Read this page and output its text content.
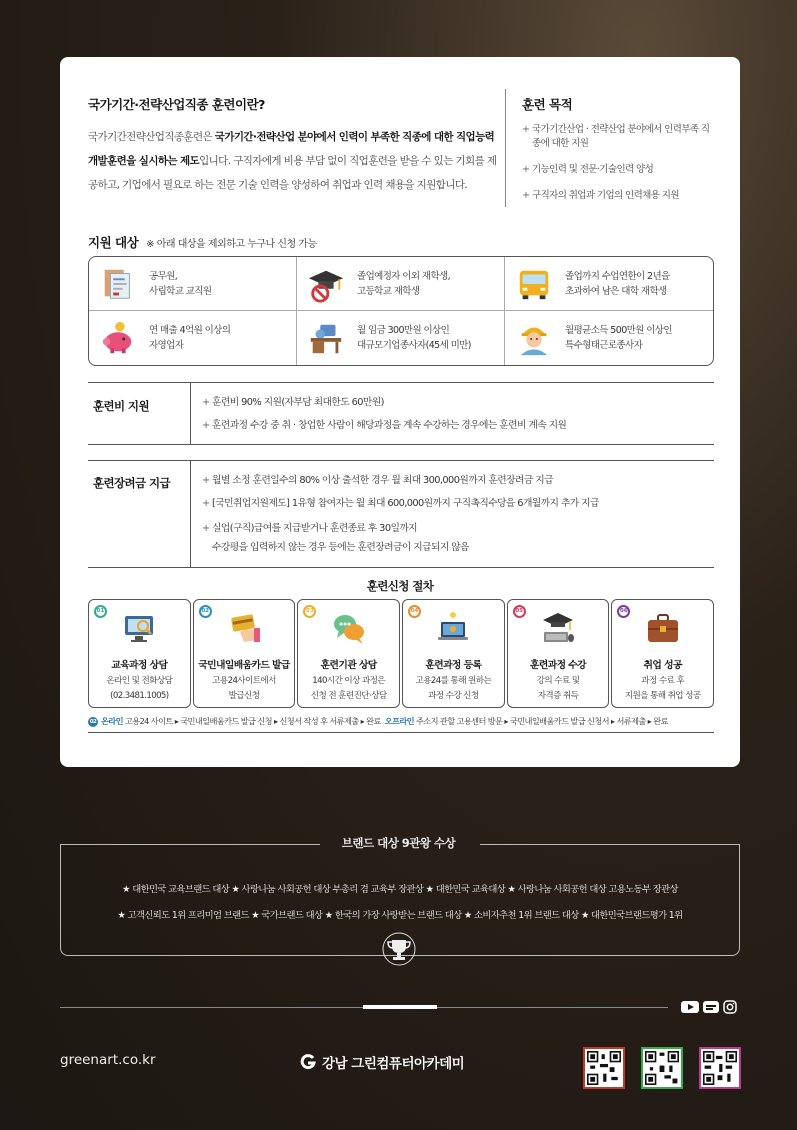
국가기간·전략산업직종 훈련이란?

국가기간전략산업직종훈련은 국가기간·전략산업 분야에서 인력이 부족한 직종에 대한 직업능력개발훈련을 실시하는 제도입니다. 구직자에게 비용 부담 없이 직업훈련을 받을 수 있는 기회를 제공하고, 기업에서 필요로 하는 전문 기술 인력을 양성하여 취업과 인력 채용을 지원합니다.

훈련 목적
+ 국가기간산업 · 전략산업 분야에서 인력부족 직종에 대한 지원
+ 기능인력 및 전문·기술인력 양성
+ 구직자의 취업과 기업의 인력채용 지원
지원 대상 ※ 아래 대상을 제외하고 누구나 신청 가능
공무원,
사립학교 교직원
졸업예정자 이외 재학생,
고등학교 재학생
졸업까지 수업연한이 2년을
초과하여 남은 대학 재학생
연 매출 4억원 이상의
자영업자
월 임금 300만원 이상인
대규모기업종사자(45세 미만)
월평균소득 500만원 이상인
특수형태근로종사자
훈련비 지원	+ 훈련비 90% 지원(자부담 최대한도 60만원)
+ 훈련과정 수강 중 취 · 창업한 사람이 해당과정을 계속 수강하는 경우에는 훈련비 계속 지원
훈련장려금 지급	+ 월별 소정 훈련일수의 80% 이상 출석한 경우 월 최대 300,000원까지 훈련장려금 지급
+ [국민취업지원제도] 1유형 참여자는 월 최대 600,000원까지 구직촉직수당을 6개월까지 추가 지급
+ 실업(구직)급여를 지급받거나 훈련종료 후 30일까지
수강평을 입력하지 않는 경우 등에는 훈련장려금이 지급되지 않음
훈련신청 절차
01
교육과정 상담
온라인 및 전화상담
(02.3481.1005)
02
국민내일배움카드 발급
고용24사이트에서
발급신청
03
훈련기관 상담
140시간 이상 과정은
신청 전 훈련진단·상담
04
훈련과정 등록
고용24를 통해 원하는
과정 수강 신청
05
훈련과정 수강
강의 수료 및
자격증 취득
06
취업 성공
과정 수료 후
지원을 통해 취업 성공
02 온라인 고용24 사이트 ▸ 국민내일배움카드 발급 신청 ▸ 신청서 작성 후 서류제출 ▸ 완료 오프라인 주소지 관할 고용센터 방문 ▸ 국민내일배움카드 발급 신청서 ▸ 서류제출 ▸ 완료
브랜드 대상 9관왕 수상
★ 대한민국 교육브랜드 대상 ★ 사랑나눔 사회공헌 대상 부총리 겸 교육부 장관상 ★ 대한민국 교육대상 ★ 사랑나눔 사회공헌 대상 고용노동부 장관상
★ 고객신뢰도 1위 프리미엄 브랜드 ★ 국가브랜드 대상 ★ 한국의 가장 사랑받는 브랜드 대상 ★ 소비자추천 1위 브랜드 대상 ★ 대한민국브랜드평가 1위
greenart.co.kr	강남 그린컴퓨터아카데미
